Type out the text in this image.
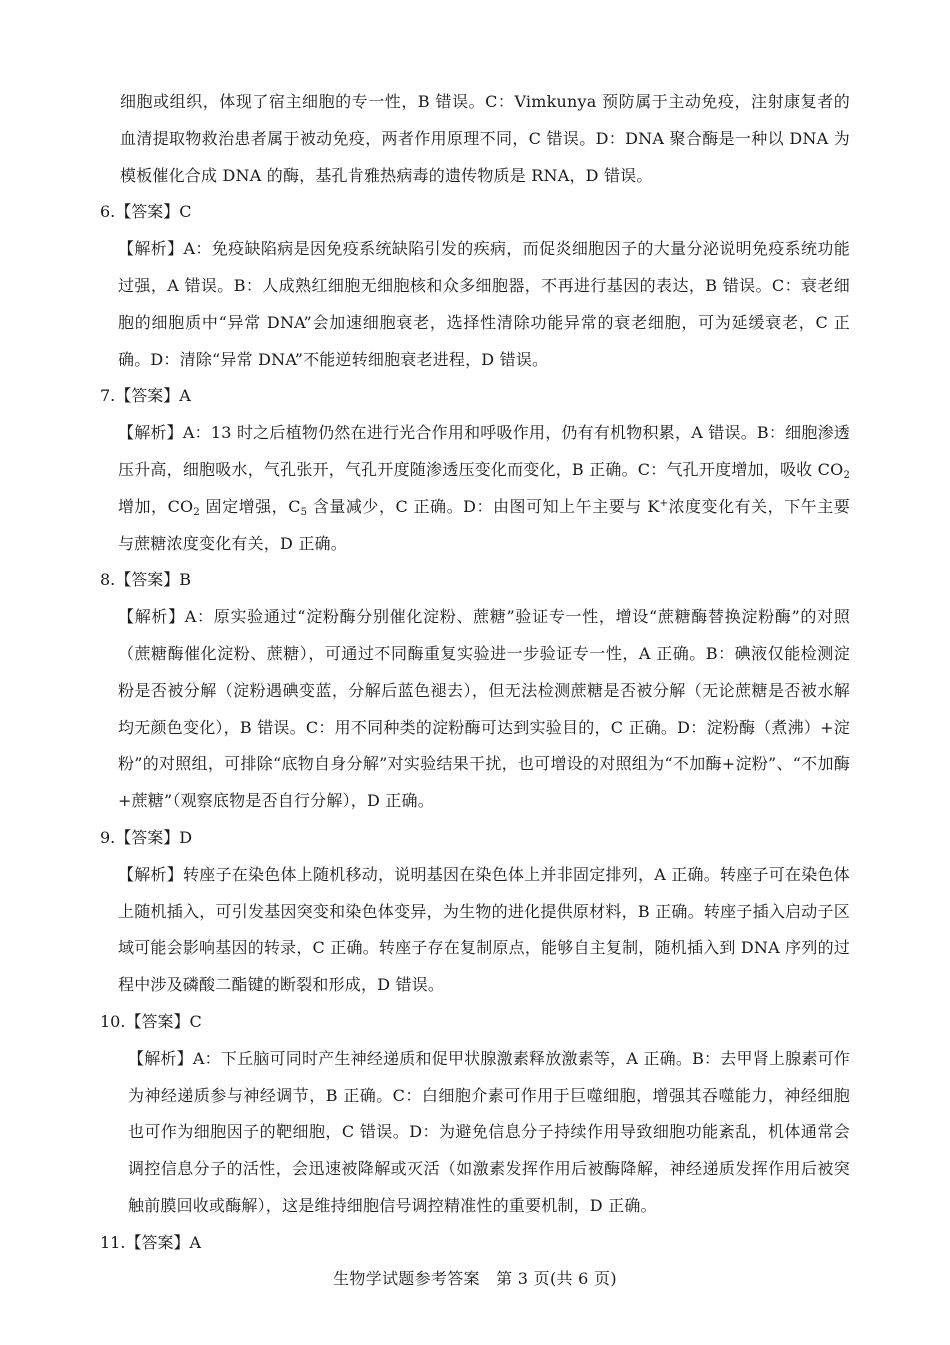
细胞或组织，体现了宿主细胞的专一性，B 错误。C：Vimkunya 预防属于主动免疫，注射康复者的血清提取物救治患者属于被动免疫，两者作用原理不同，C 错误。D：DNA 聚合酶是一种以 DNA 为模板催化合成 DNA 的酶，基孔肯雅热病毒的遗传物质是 RNA，D 错误。

6.【答案】C

【解析】A：免疫缺陷病是因免疫系统缺陷引发的疾病，而促炎细胞因子的大量分泌说明免疫系统功能过强，A 错误。B：人成熟红细胞无细胞核和众多细胞器，不再进行基因的表达，B 错误。C：衰老细胞的细胞质中“异常 DNA”会加速细胞衰老，选择性清除功能异常的衰老细胞，可为延缓衰老，C 正确。D：清除“异常 DNA”不能逆转细胞衰老进程，D 错误。

7.【答案】A

【解析】A：13 时之后植物仍然在进行光合作用和呼吸作用，仍有有机物积累，A 错误。B：细胞渗透压升高，细胞吸水，气孔张开，气孔开度随渗透压变化而变化，B 正确。C：气孔开度增加，吸收 $CO_2$ 增加，$CO_2$ 固定增强，$C_5$ 含量减少，C 正确。D：由图可知上午主要与 K+浓度变化有关，下午主要与蔗糖浓度变化有关，D 正确。

8.【答案】B

【解析】A：原实验通过“淀粉酶分别催化淀粉、蔗糖”验证专一性，增设“蔗糖酶替换淀粉酶”的对照（蔗糖酶催化淀粉、蔗糖），可通过不同酶重复实验进一步验证专一性，A 正确。B：碘液仅能检测淀粉是否被分解（淀粉遇碘变蓝，分解后蓝色褪去），但无法检测蔗糖是否被分解（无论蔗糖是否被水解均无颜色变化），B 错误。C：用不同种类的淀粉酶可达到实验目的，C 正确。D：淀粉酶（煮沸）+淀粉”的对照组，可排除“底物自身分解”对实验结果干扰，也可增设的对照组为“不加酶+淀粉”、“不加酶+蔗糖”（观察底物是否自行分解），D 正确。

9.【答案】D

【解析】转座子在染色体上随机移动，说明基因在染色体上并非固定排列，A 正确。转座子可在染色体上随机插入，可引发基因突变和染色体变异，为生物的进化提供原材料，B 正确。转座子插入启动子区域可能会影响基因的转录，C 正确。转座子存在复制原点，能够自主复制，随机插入到 DNA 序列的过程中涉及磷酸二酯键的断裂和形成，D 错误。

10.【答案】C

【解析】A：下丘脑可同时产生神经递质和促甲状腺激素释放激素等，A 正确。B：去甲肾上腺素可作为神经递质参与神经调节，B 正确。C：白细胞介素可作用于巨噬细胞，增强其吞噬能力，神经细胞也可作为细胞因子的靶细胞，C 错误。D：为避免信息分子持续作用导致细胞功能紊乱，机体通常会调控信息分子的活性，会迅速被降解或灭活（如激素发挥作用后被酶降解，神经递质发挥作用后被突触前膜回收或酶解），这是维持细胞信号调控精准性的重要机制，D 正确。

11.【答案】A

生物学试题参考答案　第 3 页(共 6 页)
